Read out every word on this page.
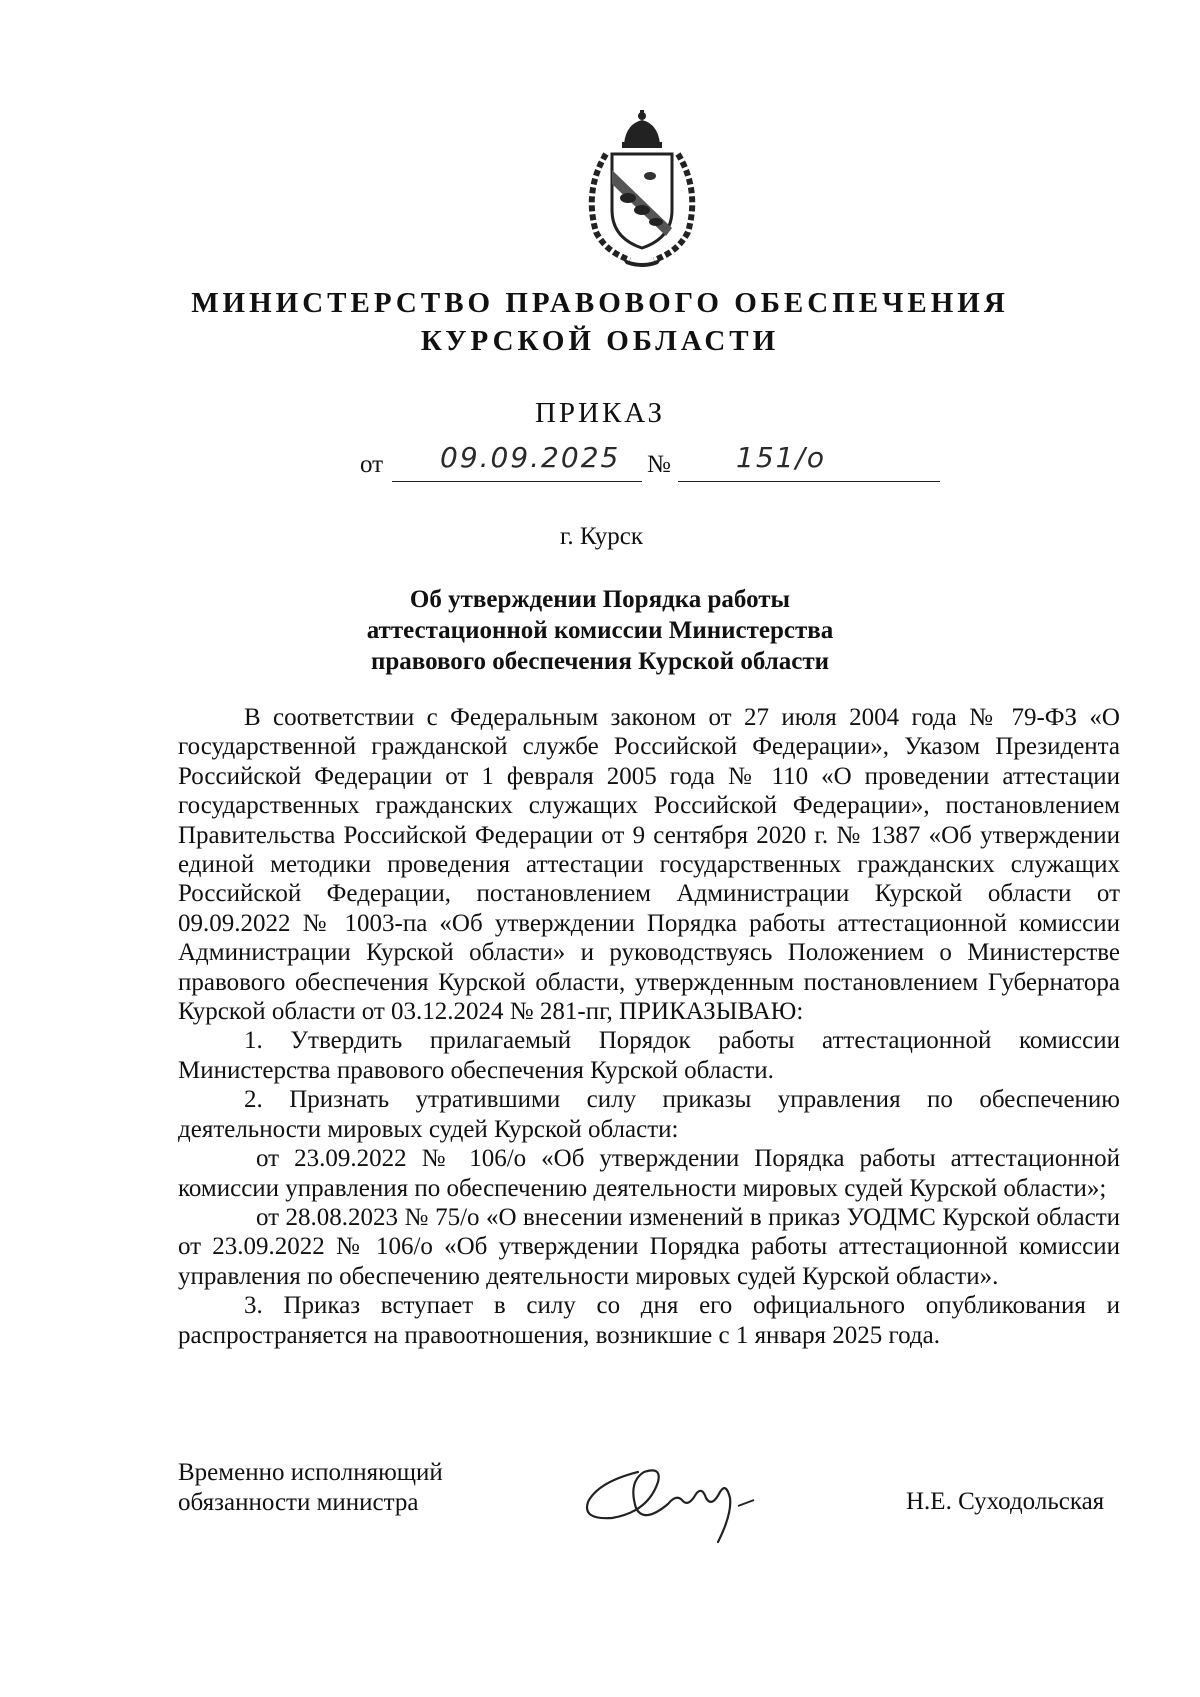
МИНИСТЕРСТВО ПРАВОВОГО ОБЕСПЕЧЕНИЯ
КУРСКОЙ ОБЛАСТИ
ПРИКАЗ
от 09.09.2025 № 151/о
г. Курск
Об утверждении Порядка работы
аттестационной комиссии Министерства
правового обеспечения Курской области

В соответствии с Федеральным законом от 27 июля 2004 года № 79-ФЗ «О государственной гражданской службе Российской Федерации», Указом Президента Российской Федерации от 1 февраля 2005 года № 110 «О проведении аттестации государственных гражданских служащих Российской Федерации», постановлением Правительства Российской Федерации от 9 сентября 2020 г. № 1387 «Об утверждении единой методики проведения аттестации государственных гражданских служащих Российской Федерации, постановлением Администрации Курской области от 09.09.2022 № 1003-па «Об утверждении Порядка работы аттестационной комиссии Администрации Курской области» и руководствуясь Положением о Министерстве правового обеспечения Курской области, утвержденным постановлением Губернатора Курской области от 03.12.2024 № 281-пг, ПРИКАЗЫВАЮ:

1. Утвердить прилагаемый Порядок работы аттестационной комиссии Министерства правового обеспечения Курской области.

2. Признать утратившими силу приказы управления по обеспечению деятельности мировых судей Курской области:

от 23.09.2022 № 106/о «Об утверждении Порядка работы аттестационной комиссии управления по обеспечению деятельности мировых судей Курской области»;

от 28.08.2023 № 75/о «О внесении изменений в приказ УОДМС Курской области от 23.09.2022 № 106/о «Об утверждении Порядка работы аттестационной комиссии управления по обеспечению деятельности мировых судей Курской области».

3. Приказ вступает в силу со дня его официального опубликования и распространяется на правоотношения, возникшие с 1 января 2025 года.

Временно исполняющий
обязанности министра	Н.Е. Суходольская
